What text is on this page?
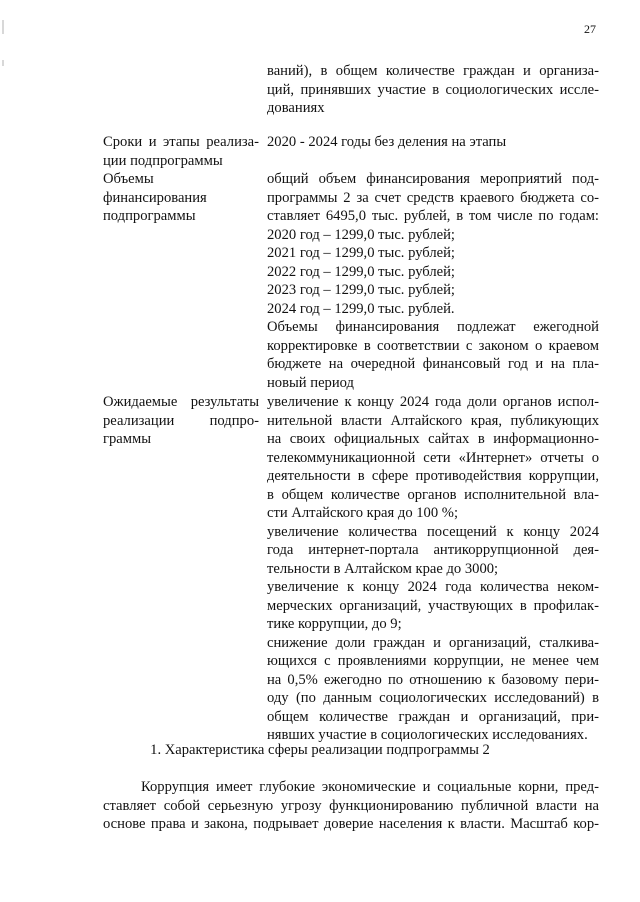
27
ваний), в общем количестве граждан и организа-
ций, принявших участие в социологических иссле-
дованиях
Сроки и этапы реализа-
ции подпрограммы
2020 - 2024 годы без деления на этапы
Объемы
финансирования
подпрограммы
общий объем финансирования мероприятий под-
программы 2 за счет средств краевого бюджета со-
ставляет 6495,0 тыс. рублей, в том числе по годам:
2020 год – 1299,0 тыс. рублей;
2021 год – 1299,0 тыс. рублей;
2022 год – 1299,0 тыс. рублей;
2023 год – 1299,0 тыс. рублей;
2024 год – 1299,0 тыс. рублей.
Объемы финансирования подлежат ежегодной
корректировке в соответствии с законом о краевом
бюджете на очередной финансовый год и на пла-
новый период
Ожидаемые результаты
реализации подпро-
граммы
увеличение к концу 2024 года доли органов испол-
нительной власти Алтайского края, публикующих
на своих официальных сайтах в информационно-
телекоммуникационной сети «Интернет» отчеты о
деятельности в сфере противодействия коррупции,
в общем количестве органов исполнительной вла-
сти Алтайского края до 100 %;
увеличение количества посещений к концу 2024
года интернет-портала антикоррупционной дея-
тельности в Алтайском крае до 3000;
увеличение к концу 2024 года количества неком-
мерческих организаций, участвующих в профилак-
тике коррупции, до 9;
снижение доли граждан и организаций, сталкива-
ющихся с проявлениями коррупции, не менее чем
на 0,5% ежегодно по отношению к базовому пери-
оду (по данным социологических исследований) в
общем количестве граждан и организаций, при-
нявших участие в социологических исследованиях.
1. Характеристика сферы реализации подпрограммы 2
Коррупция имеет глубокие экономические и социальные корни, пред-
ставляет собой серьезную угрозу функционированию публичной власти на
основе права и закона, подрывает доверие населения к власти. Масштаб кор-
